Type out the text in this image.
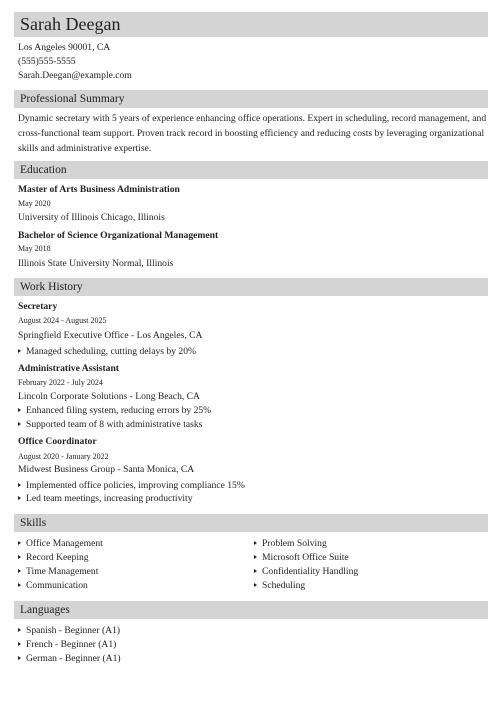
Sarah Deegan
Los Angeles 90001, CA
(555)555-5555
Sarah.Deegan@example.com
Professional Summary
Dynamic secretary with 5 years of experience enhancing office operations. Expert in scheduling, record management, and cross-functional team support. Proven track record in boosting efficiency and reducing costs by leveraging organizational skills and administrative expertise.
Education
Master of Arts Business Administration
May 2020
University of Illinois Chicago, Illinois
Bachelor of Science Organizational Management
May 2018
Illinois State University Normal, Illinois
Work History
Secretary
August 2024 - August 2025
Springfield Executive Office - Los Angeles, CA
Managed scheduling, cutting delays by 20%
Administrative Assistant
February 2022 - July 2024
Lincoln Corporate Solutions - Long Beach, CA
Enhanced filing system, reducing errors by 25%
Supported team of 8 with administrative tasks
Office Coordinator
August 2020 - January 2022
Midwest Business Group - Santa Monica, CA
Implemented office policies, improving compliance 15%
Led team meetings, increasing productivity
Skills
Office Management
Record Keeping
Time Management
Communication
Problem Solving
Microsoft Office Suite
Confidentiality Handling
Scheduling
Languages
Spanish - Beginner (A1)
French - Beginner (A1)
German - Beginner (A1)
